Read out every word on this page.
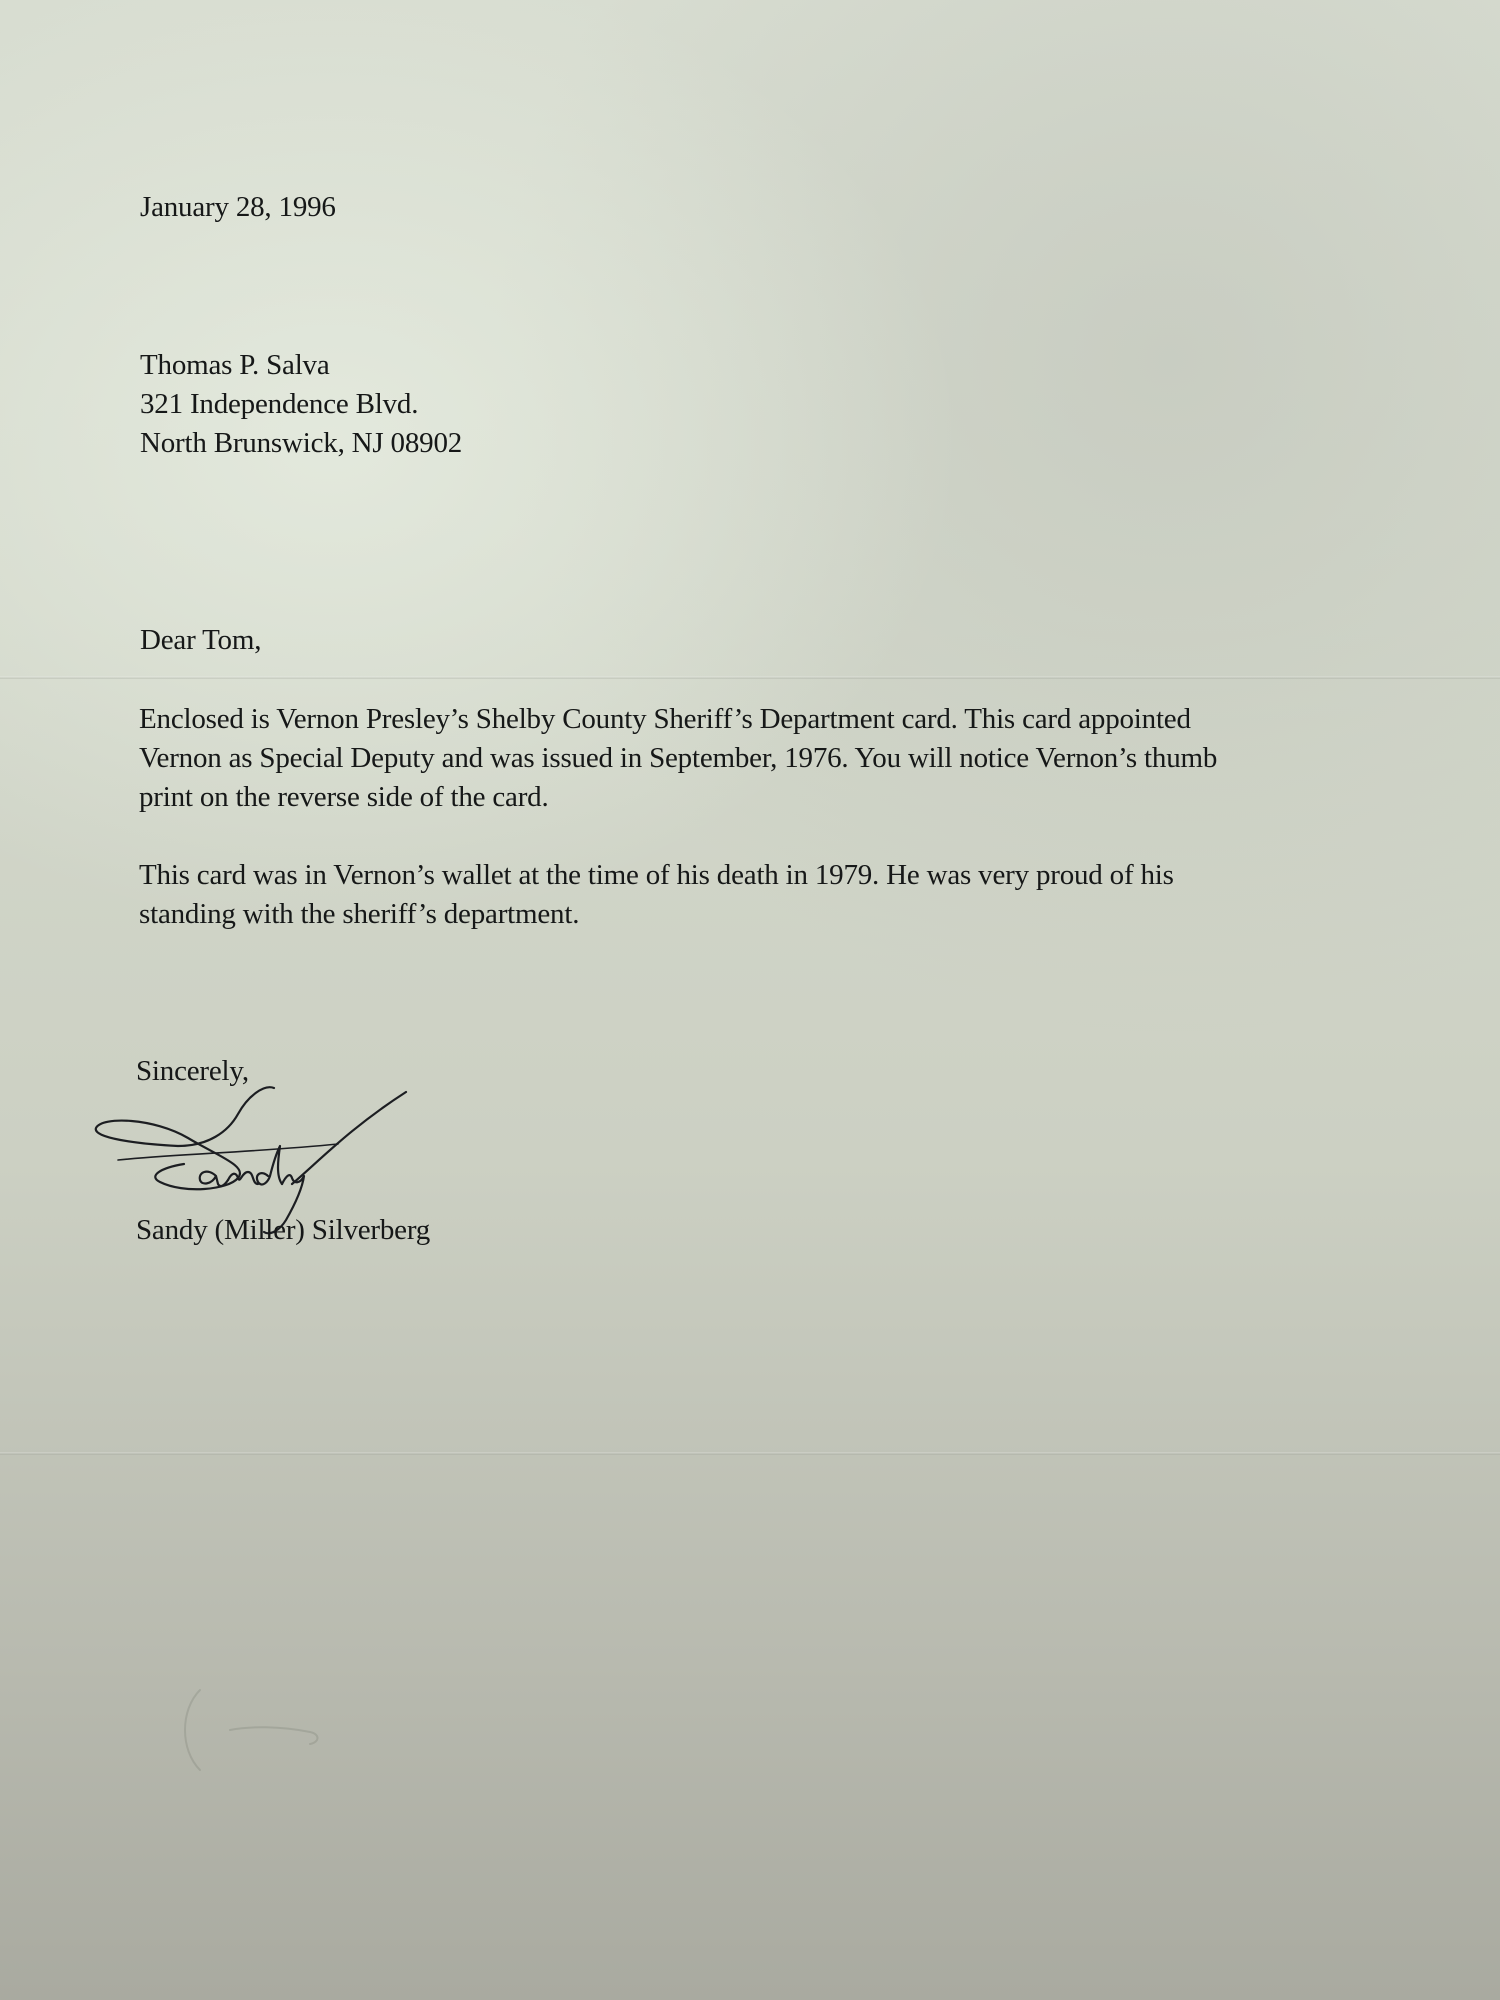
January 28, 1996
Thomas P. Salva
321 Independence Blvd.
North Brunswick, NJ 08902
Dear Tom,
Enclosed is Vernon Presley’s Shelby County Sheriff’s Department card. This card appointed
Vernon as Special Deputy and was issued in September, 1976. You will notice Vernon’s thumb
print on the reverse side of the card.
This card was in Vernon’s wallet at the time of his death in 1979. He was very proud of his
standing with the sheriff’s department.
Sincerely,
Sandy
Sandy (Miller) Silverberg
